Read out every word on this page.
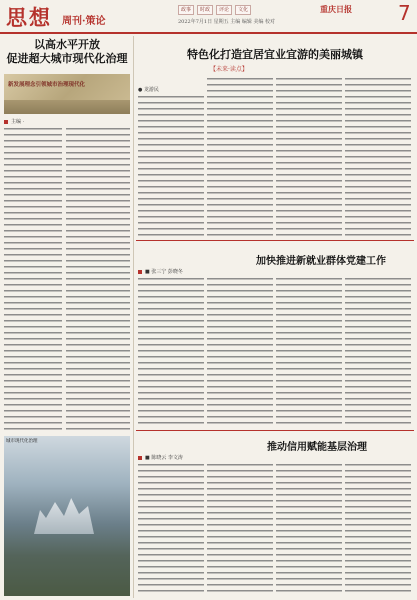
思想 周刊·策论
政事	时政	评论	文化
2022年7月1日 星期五 主编 编辑 美编 校对
重庆日报 7
以高水平开放
促进超大城市现代化治理
新发展理念引领城市治理现代化
主编 ·
城市现代化治理
特色化打造宜居宜业宜游的美丽城镇
【未来·读点】
● 龙游民
加快推进新就业群体党建工作
■ 张三宁 彭晓冬
推动信用赋能基层治理
■ 陈晓云 李文涛
